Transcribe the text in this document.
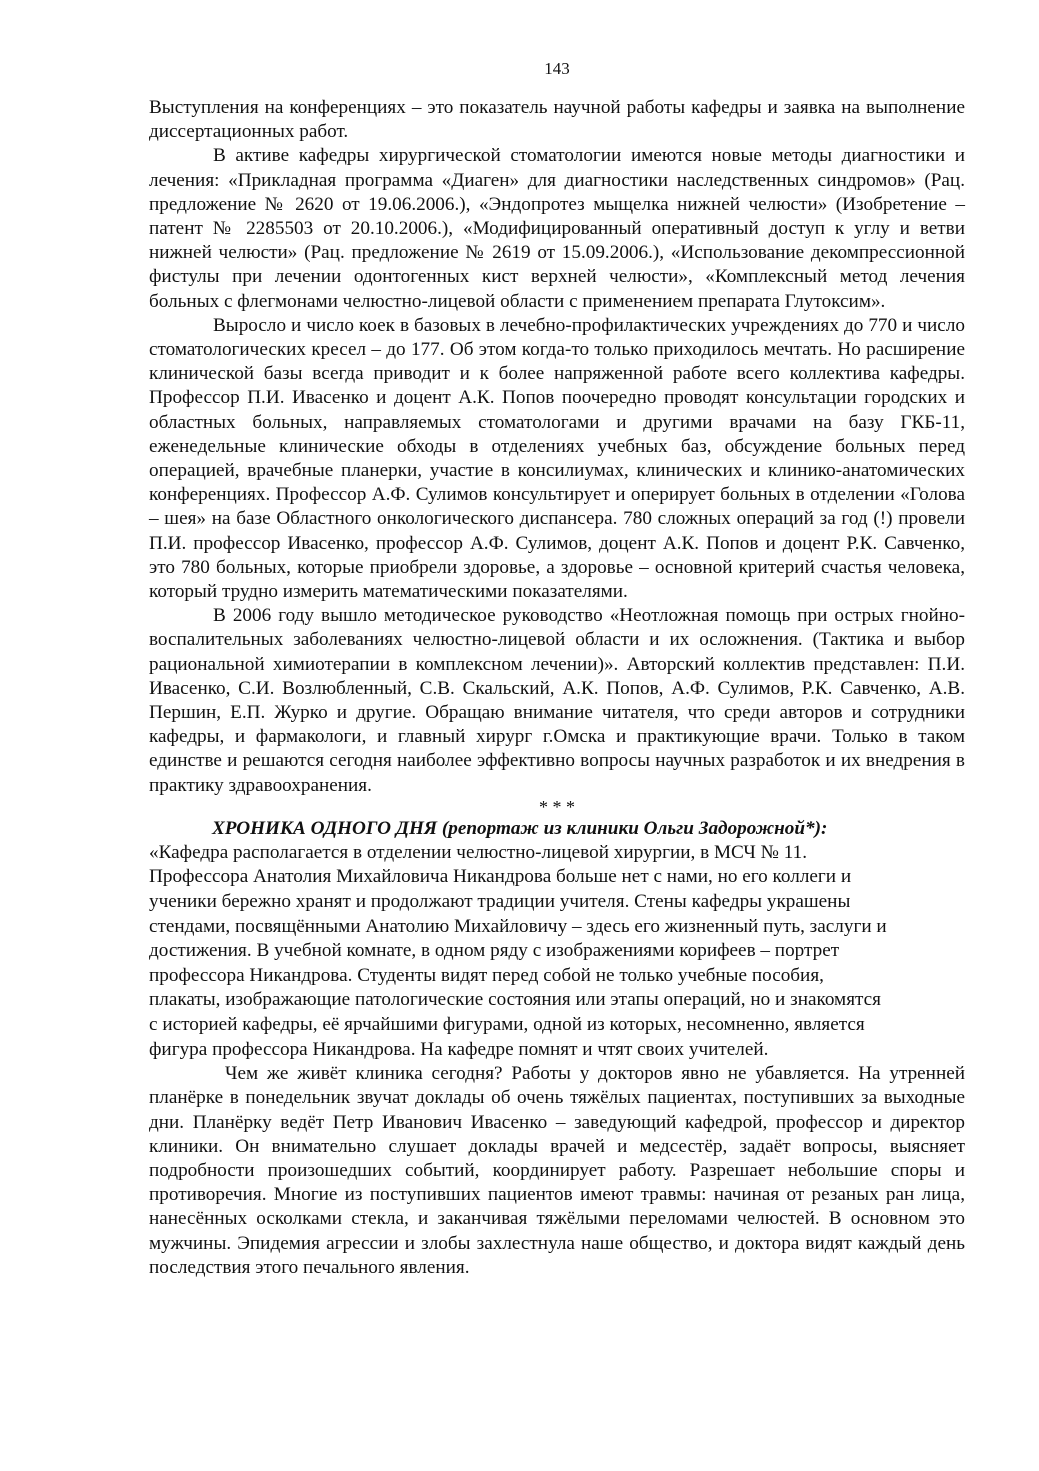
143

Выступления на конференциях – это показатель научной работы кафедры и заявка на выполнение диссертационных работ.

В активе кафедры хирургической стоматологии имеются новые методы диагностики и лечения: «Прикладная программа «Диаген» для диагностики наследственных синдромов» (Рац. предложение № 2620 от 19.06.2006.), «Эндопротез мыщелка нижней челюсти» (Изобретение – патент № 2285503 от 20.10.2006.), «Модифицированный оперативный доступ к углу и ветви нижней челюсти» (Рац. предложение № 2619 от 15.09.2006.), «Использование декомпрессионной фистулы при лечении одонтогенных кист верхней челюсти», «Комплексный метод лечения больных с флегмонами челюстно-лицевой области с применением препарата Глутоксим».

Выросло и число коек в базовых в лечебно-профилактических учреждениях до 770 и число стоматологических кресел – до 177. Об этом когда-то только приходилось мечтать. Но расширение клинической базы всегда приводит и к более напряженной работе всего коллектива кафедры. Профессор П.И. Ивасенко и доцент А.К. Попов поочередно проводят консультации городских и областных больных, направляемых стоматологами и другими врачами на базу ГКБ-11, еженедельные клинические обходы в отделениях учебных баз, обсуждение больных перед операцией, врачебные планерки, участие в консилиумах, клинических и клинико-анатомических конференциях. Профессор А.Ф. Сулимов консультирует и оперирует больных в отделении «Голова – шея» на базе Областного онкологического диспансера. 780 сложных операций за год (!) провели П.И. профессор Ивасенко, профессор А.Ф. Сулимов, доцент А.К. Попов и доцент Р.К. Савченко, это 780 больных, которые приобрели здоровье, а здоровье – основной критерий счастья человека, который трудно измерить математическими показателями.

В 2006 году вышло методическое руководство «Неотложная помощь при острых гнойно-воспалительных заболеваниях челюстно-лицевой области и их осложнения. (Тактика и выбор рациональной химиотерапии в комплексном лечении)». Авторский коллектив представлен: П.И. Ивасенко, С.И. Возлюбленный, С.В. Скальский, А.К. Попов, А.Ф. Сулимов, Р.К. Савченко, А.В. Першин, Е.П. Журко и другие. Обращаю внимание читателя, что среди авторов и сотрудники кафедры, и фармакологи, и главный хирург г.Омска и практикующие врачи. Только в таком единстве и решаются сегодня наиболее эффективно вопросы научных разработок и их внедрения в практику здравоохранения.

* * *
ХРОНИКА ОДНОГО ДНЯ (репортаж из клиники Ольги Задорожной*):
«Кафедра располагается в отделении челюстно-лицевой хирургии, в МСЧ № 11.
Профессора Анатолия Михайловича Никандрова больше нет с нами, но его коллеги и
ученики бережно хранят и продолжают традиции учителя. Стены кафедры украшены
стендами, посвящёнными Анатолию Михайловичу – здесь его жизненный путь, заслуги и
достижения. В учебной комнате, в одном ряду с изображениями корифеев – портрет
профессора Никандрова. Студенты видят перед собой не только учебные пособия,
плакаты, изображающие патологические состояния или этапы операций, но и знакомятся
с историей кафедры, её ярчайшими фигурами, одной из которых, несомненно, является
фигура профессора Никандрова. На кафедре помнят и чтят своих учителей.

Чем же живёт клиника сегодня? Работы у докторов явно не убавляется. На утренней планёрке в понедельник звучат доклады об очень тяжёлых пациентах, поступивших за выходные дни. Планёрку ведёт Петр Иванович Ивасенко – заведующий кафедрой, профессор и директор клиники. Он внимательно слушает доклады врачей и медсестёр, задаёт вопросы, выясняет подробности произошедших событий, координирует работу. Разрешает небольшие споры и противоречия. Многие из поступивших пациентов имеют травмы: начиная от резаных ран лица, нанесённых осколками стекла, и заканчивая тяжёлыми переломами челюстей. В основном это мужчины. Эпидемия агрессии и злобы захлестнула наше общество, и доктора видят каждый день последствия этого печального явления.
